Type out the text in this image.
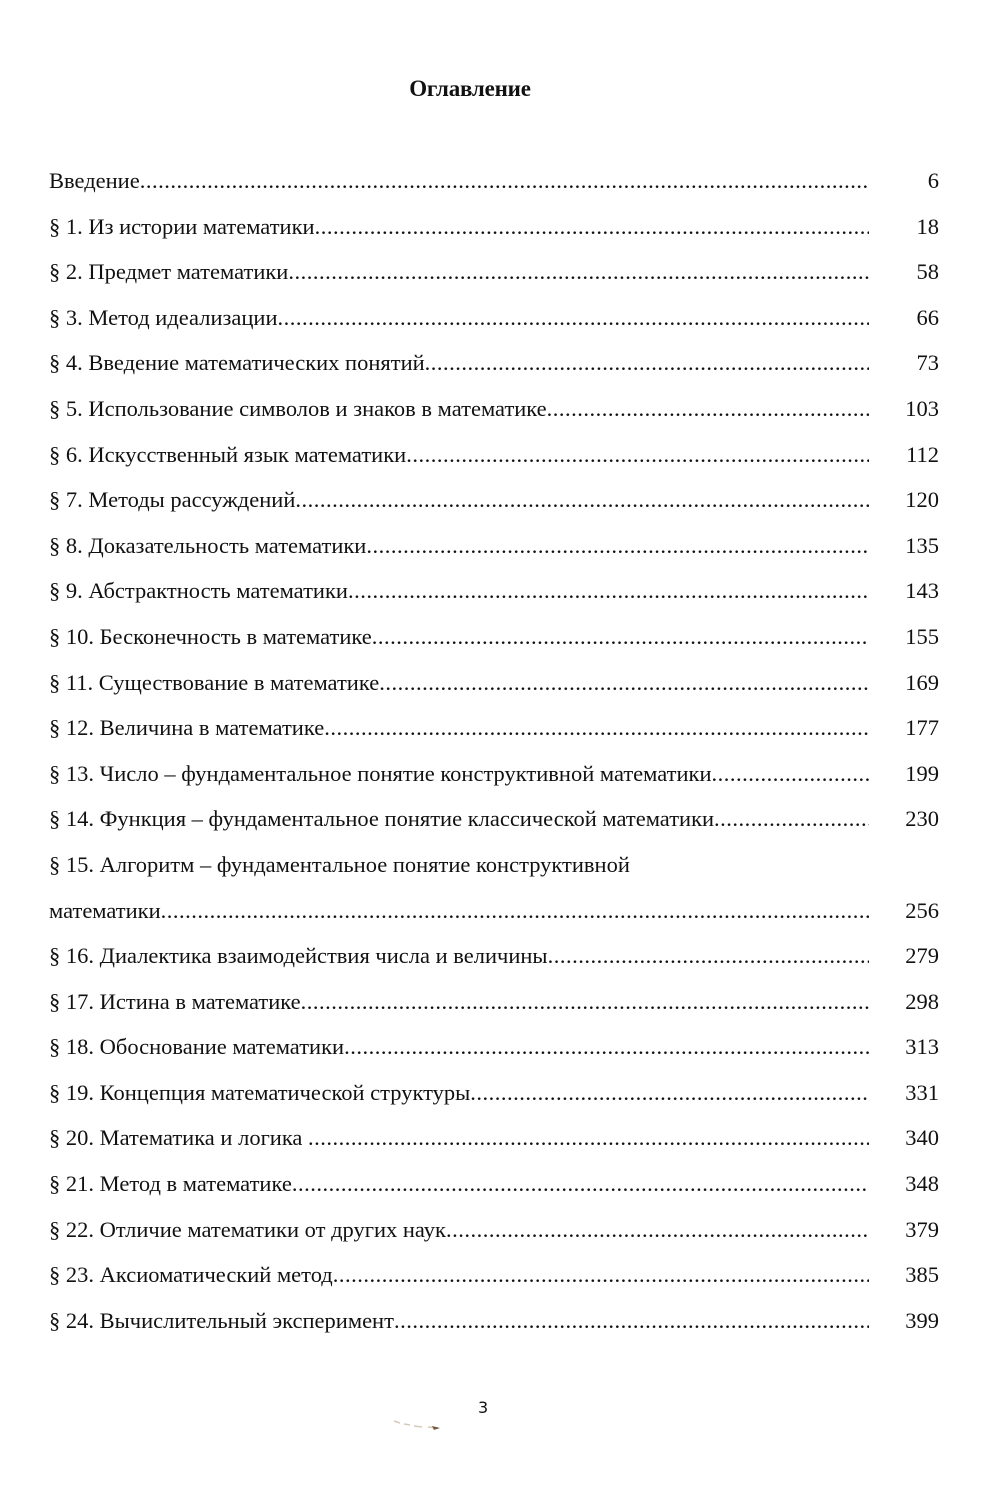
Оглавление
Введение .....	6
§ 1. Из истории математики .....	18
§ 2. Предмет математики .....	58
§ 3. Метод идеализации .....	66
§ 4. Введение математических понятий .....	73
§ 5. Использование символов и знаков в математике .....	103
§ 6. Искусственный язык математики .....	112
§ 7. Методы рассуждений .....	120
§ 8. Доказательность математики .....	135
§ 9. Абстрактность математики .....	143
§ 10. Бесконечность в математике .....	155
§ 11. Существование в математике .....	169
§ 12. Величина в математике .....	177
§ 13. Число – фундаментальное понятие конструктивной математики .....	199
§ 14. Функция – фундаментальное понятие классической математики .....	230
§ 15. Алгоритм – фундаментальное понятие конструктивной
математики .....	256
§ 16. Диалектика взаимодействия числа и величины .....	279
§ 17. Истина в математике .....	298
§ 18. Обоснование математики .....	313
§ 19. Концепция математической структуры .....	331
§ 20. Математика и логика .....	340
§ 21. Метод в математике .....	348
§ 22. Отличие математики от других наук .....	379
§ 23. Аксиоматический метод .....	385
§ 24. Вычислительный эксперимент .....	399
3
